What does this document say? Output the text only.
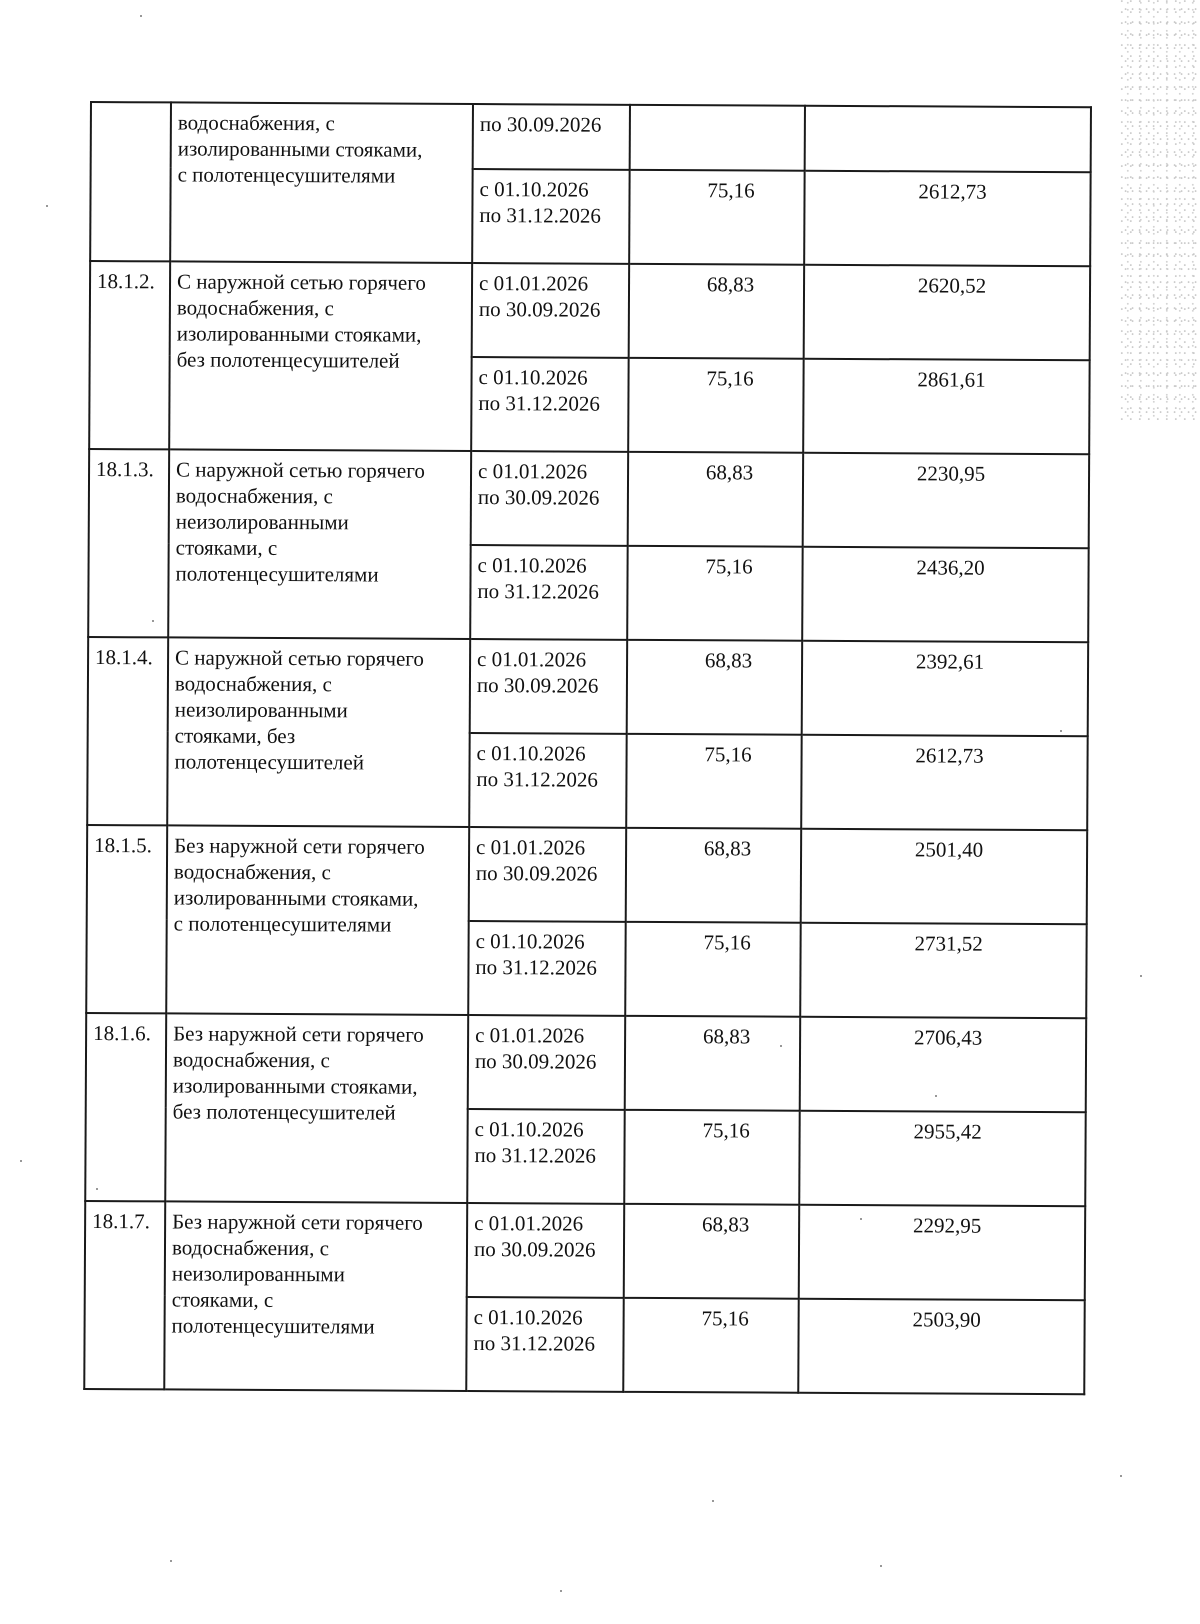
	водоснабжения, с
изолированными стояками,
с полотенцесушителями	по 30.09.2026		

		с 01.10.2026
по 31.12.2026	75,16	2612,73
18.1.2.	С наружной сетью горячего
водоснабжения, с
изолированными стояками,
без полотенцесушителей	с 01.01.2026
по 30.09.2026	68,83	2620,52

		с 01.10.2026
по 31.12.2026	75,16	2861,61
18.1.3.	С наружной сетью горячего
водоснабжения, с
неизолированными
стояками, с
полотенцесушителями	с 01.01.2026
по 30.09.2026	68,83	2230,95

		с 01.10.2026
по 31.12.2026	75,16	2436,20
18.1.4.	С наружной сетью горячего
водоснабжения, с
неизолированными
стояками, без
полотенцесушителей	с 01.01.2026
по 30.09.2026	68,83	2392,61

		с 01.10.2026
по 31.12.2026	75,16	2612,73
18.1.5.	Без наружной сети горячего
водоснабжения, с
изолированными стояками,
с полотенцесушителями	с 01.01.2026
по 30.09.2026	68,83	2501,40

		с 01.10.2026
по 31.12.2026	75,16	2731,52
18.1.6.	Без наружной сети горячего
водоснабжения, с
изолированными стояками,
без полотенцесушителей	с 01.01.2026
по 30.09.2026	68,83	2706,43

		с 01.10.2026
по 31.12.2026	75,16	2955,42
18.1.7.	Без наружной сети горячего
водоснабжения, с
неизолированными
стояками, с
полотенцесушителями	с 01.01.2026
по 30.09.2026	68,83	2292,95

		с 01.10.2026
по 31.12.2026	75,16	2503,90
